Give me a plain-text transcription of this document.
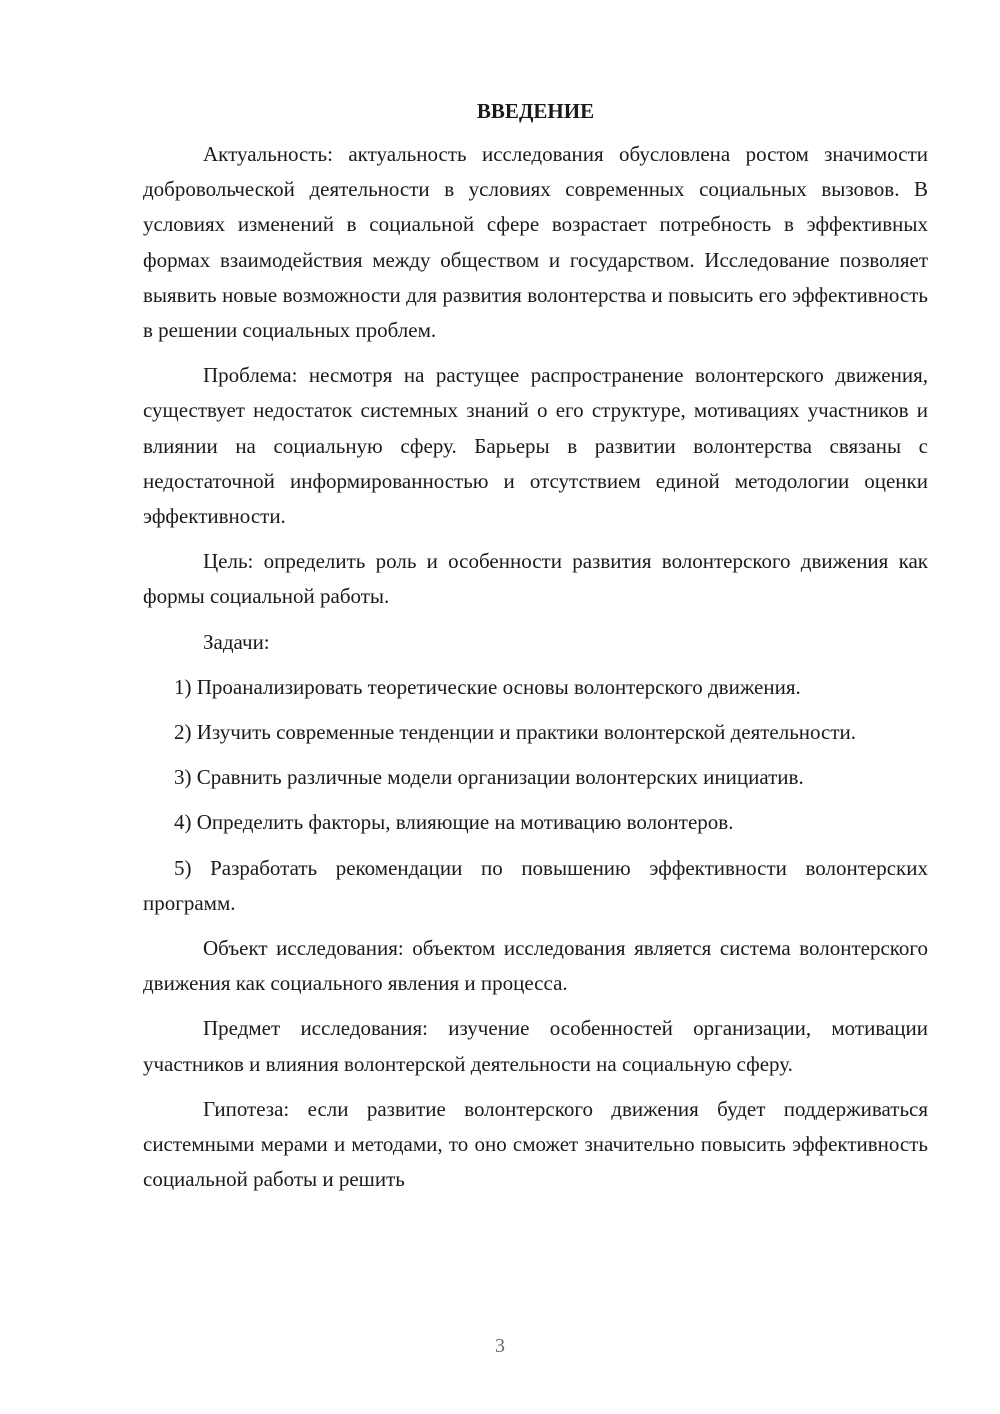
ВВЕДЕНИЕ

Актуальность: актуальность исследования обусловлена ростом значимости добровольческой деятельности в условиях современных социальных вызовов. В условиях изменений в социальной сфере возрастает потребность в эффективных формах взаимодействия между обществом и государством. Исследование позволяет выявить новые возможности для развития волонтерства и повысить его эффективность в решении социальных проблем.

Проблема: несмотря на растущее распространение волонтерского движения, существует недостаток системных знаний о его структуре, мотивациях участников и влиянии на социальную сферу. Барьеры в развитии волонтерства связаны с недостаточной информированностью и отсутствием единой методологии оценки эффективности.

Цель: определить роль и особенности развития волонтерского движения как формы социальной работы.

Задачи:

1) Проанализировать теоретические основы волонтерского движения.

2) Изучить современные тенденции и практики волонтерской деятельности.

3) Сравнить различные модели организации волонтерских инициатив.

4) Определить факторы, влияющие на мотивацию волонтеров.

5) Разработать рекомендации по повышению эффективности волонтерских программ.

Объект исследования: объектом исследования является система волонтерского движения как социального явления и процесса.

Предмет исследования: изучение особенностей организации, мотивации участников и влияния волонтерской деятельности на социальную сферу.

Гипотеза: если развитие волонтерского движения будет поддерживаться системными мерами и методами, то оно сможет значительно повысить эффективность социальной работы и решить

3
